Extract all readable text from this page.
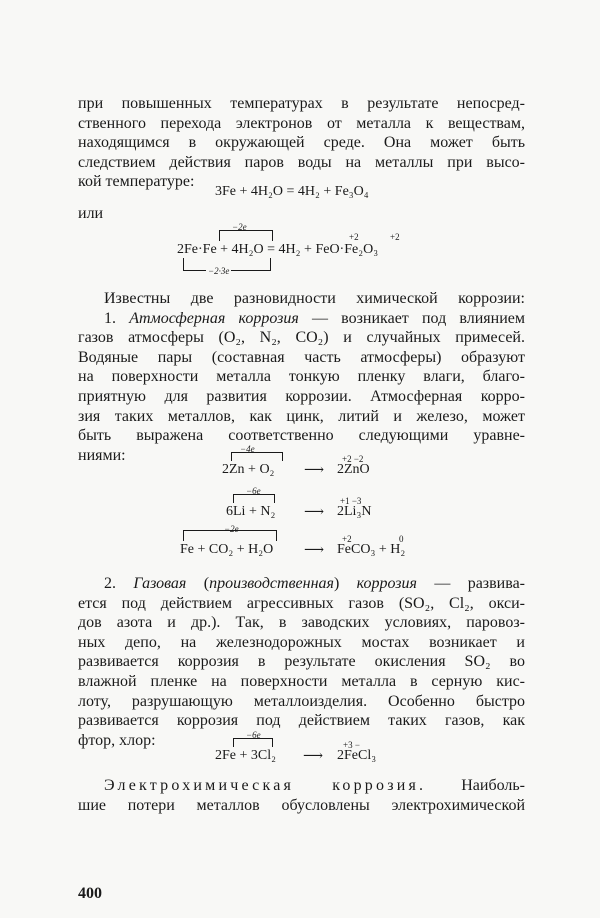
при повышенных температурах в результате непосред-
ственного перехода электронов от металла к веществам,
находящимся в окружающей среде. Она может быть
следствием действия паров воды на металлы при высо-
кой температуре:
3Fe + 4H₂O = 4H₂ + Fe₃O₄
или
−2e
+2	+2
2Fe·Fe + 4H₂O = 4H₂ + FeO·Fe₂O₃
−2·3e
Известны две разновидности химической коррозии:
1. Атмосферная коррозия — возникает под влиянием
газов атмосферы (O₂, N₂, CO₂) и случайных примесей.
Водяные пары (составная часть атмосферы) образуют
на поверхности металла тонкую пленку влаги, благо-
приятную для развития коррозии. Атмосферная корро-
зия таких металлов, как цинк, литий и железо, может
быть выражена соответственно следующими уравне-
ниями:	−4e
+2 −2
2Zn + O₂ ⟶ 2ZnO
−6e
+1 −3
6Li + N₂ ⟶ 2Li₃N
−2e
+2	0
Fe + CO₂ + H₂O ⟶ FeCO₃ + H₂
2. Газовая (производственная) коррозия — развива-
ется под действием агрессивных газов (SO₂, Cl₂, окси-
дов азота и др.). Так, в заводских условиях, паровоз-
ных депо, на железнодорожных мостах возникает и
развивается коррозия в результате окисления SO₂ во
влажной пленке на поверхности металла в серную кис-
лоту, разрушающую металлоизделия. Особенно быстро
развивается коррозия под действием таких газов, как
фтор, хлор:	−6e
+3 −
2Fe + 3Cl₂ ⟶ 2FeCl₃
Электрохимическая коррозия. Наиболь-
шие потери металлов обусловлены электрохимической
400
